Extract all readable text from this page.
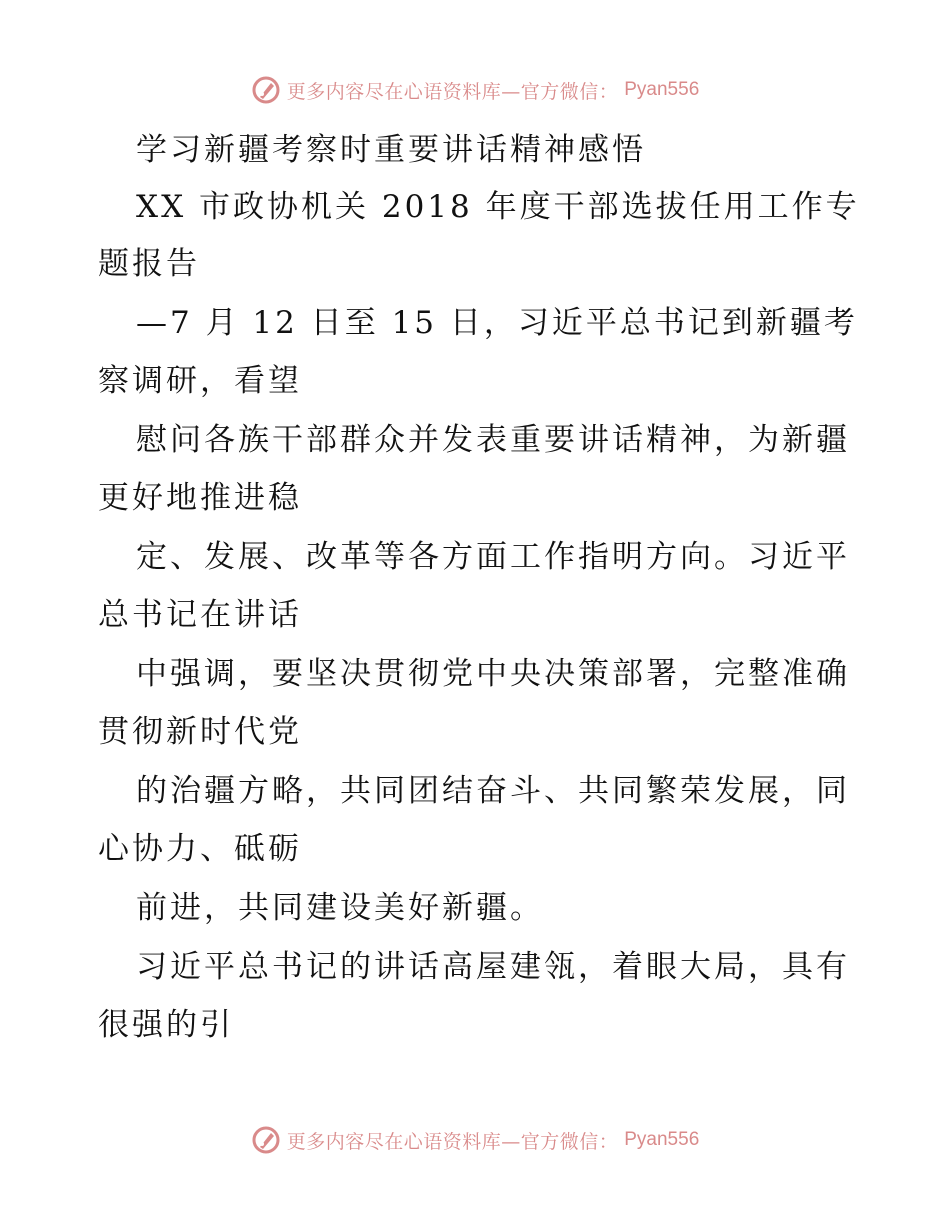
更多内容尽在心语资料库—官方微信： Pyan556
学习新疆考察时重要讲话精神感悟
XX 市政协机关 2018 年度干部选拔任用工作专
题报告
—7 月 12 日至 15 日，习近平总书记到新疆考
察调研，看望
慰问各族干部群众并发表重要讲话精神，为新疆
更好地推进稳
定、发展、改革等各方面工作指明方向。习近平
总书记在讲话
中强调，要坚决贯彻党中央决策部署，完整准确
贯彻新时代党
的治疆方略，共同团结奋斗、共同繁荣发展，同
心协力、砥砺
前进，共同建设美好新疆。
习近平总书记的讲话高屋建瓴，着眼大局，具有
很强的引
更多内容尽在心语资料库—官方微信： Pyan556
